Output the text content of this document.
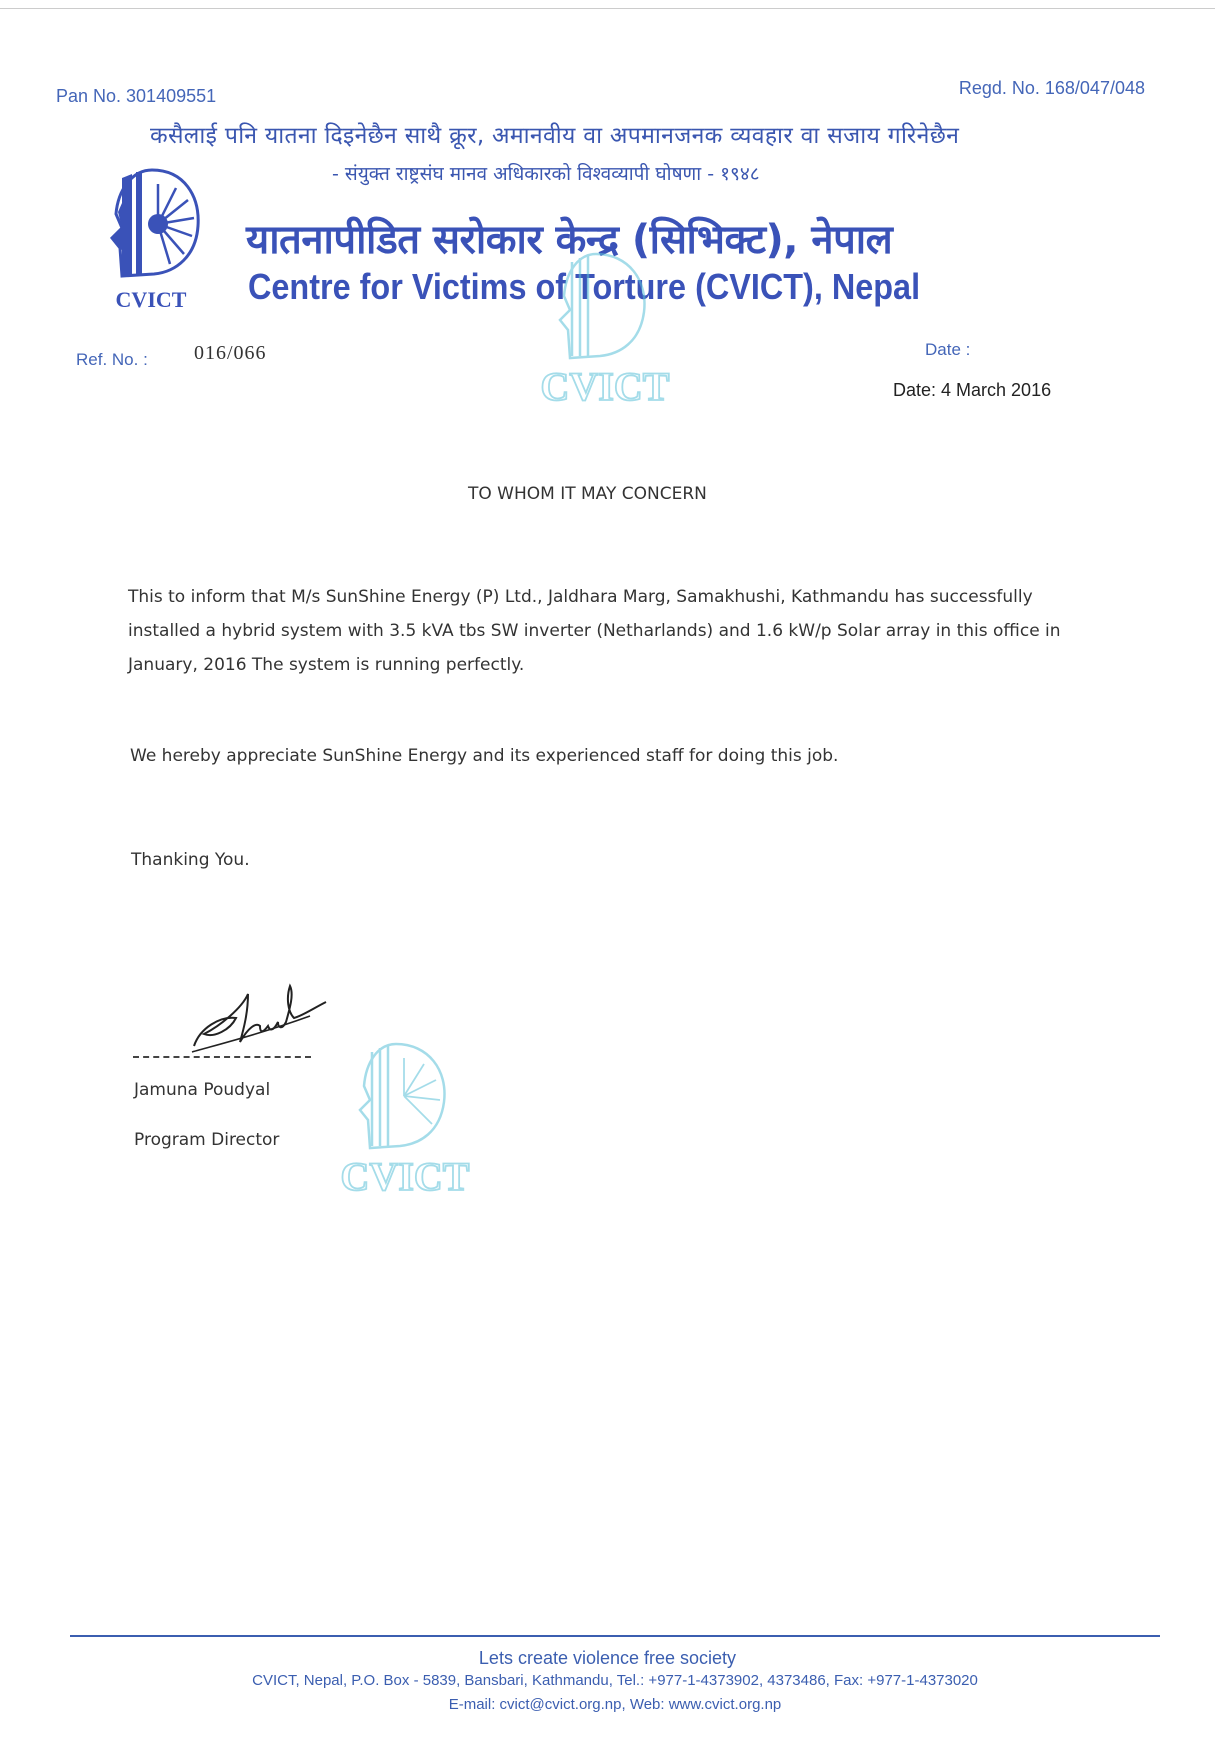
Pan No. 301409551	Regd. No. 168/047/048
कसैलाई पनि यातना दिइनेछैन साथै क्रूर, अमानवीय वा अपमानजनक व्यवहार वा सजाय गरिनेछैन
- संयुक्त राष्ट्रसंघ मानव अधिकारको विश्वव्यापी घोषणा - १९४८
CVICT
यातनापीडित सरोकार केन्द्र (सिभिक्ट), नेपाल
Centre for Victims of Torture (CVICT), Nepal
CVICT
Ref. No. : 016/066	Date :
Date: 4 March 2016
TO WHOM IT MAY CONCERN
This to inform that M/s SunShine Energy (P) Ltd., Jaldhara Marg, Samakhushi, Kathmandu has successfully installed a hybrid system with 3.5 kVA tbs SW inverter (Netharlands) and 1.6 kW/p Solar array in this office in January, 2016 The system is running perfectly.
We hereby appreciate SunShine Energy and its experienced staff for doing this job.
Thanking You.
Jamuna Poudyal
Program Director
CVICT
Lets create violence free society
CVICT, Nepal, P.O. Box - 5839, Bansbari, Kathmandu, Tel.: +977-1-4373902, 4373486, Fax: +977-1-4373020
E-mail: cvict@cvict.org.np, Web: www.cvict.org.np
